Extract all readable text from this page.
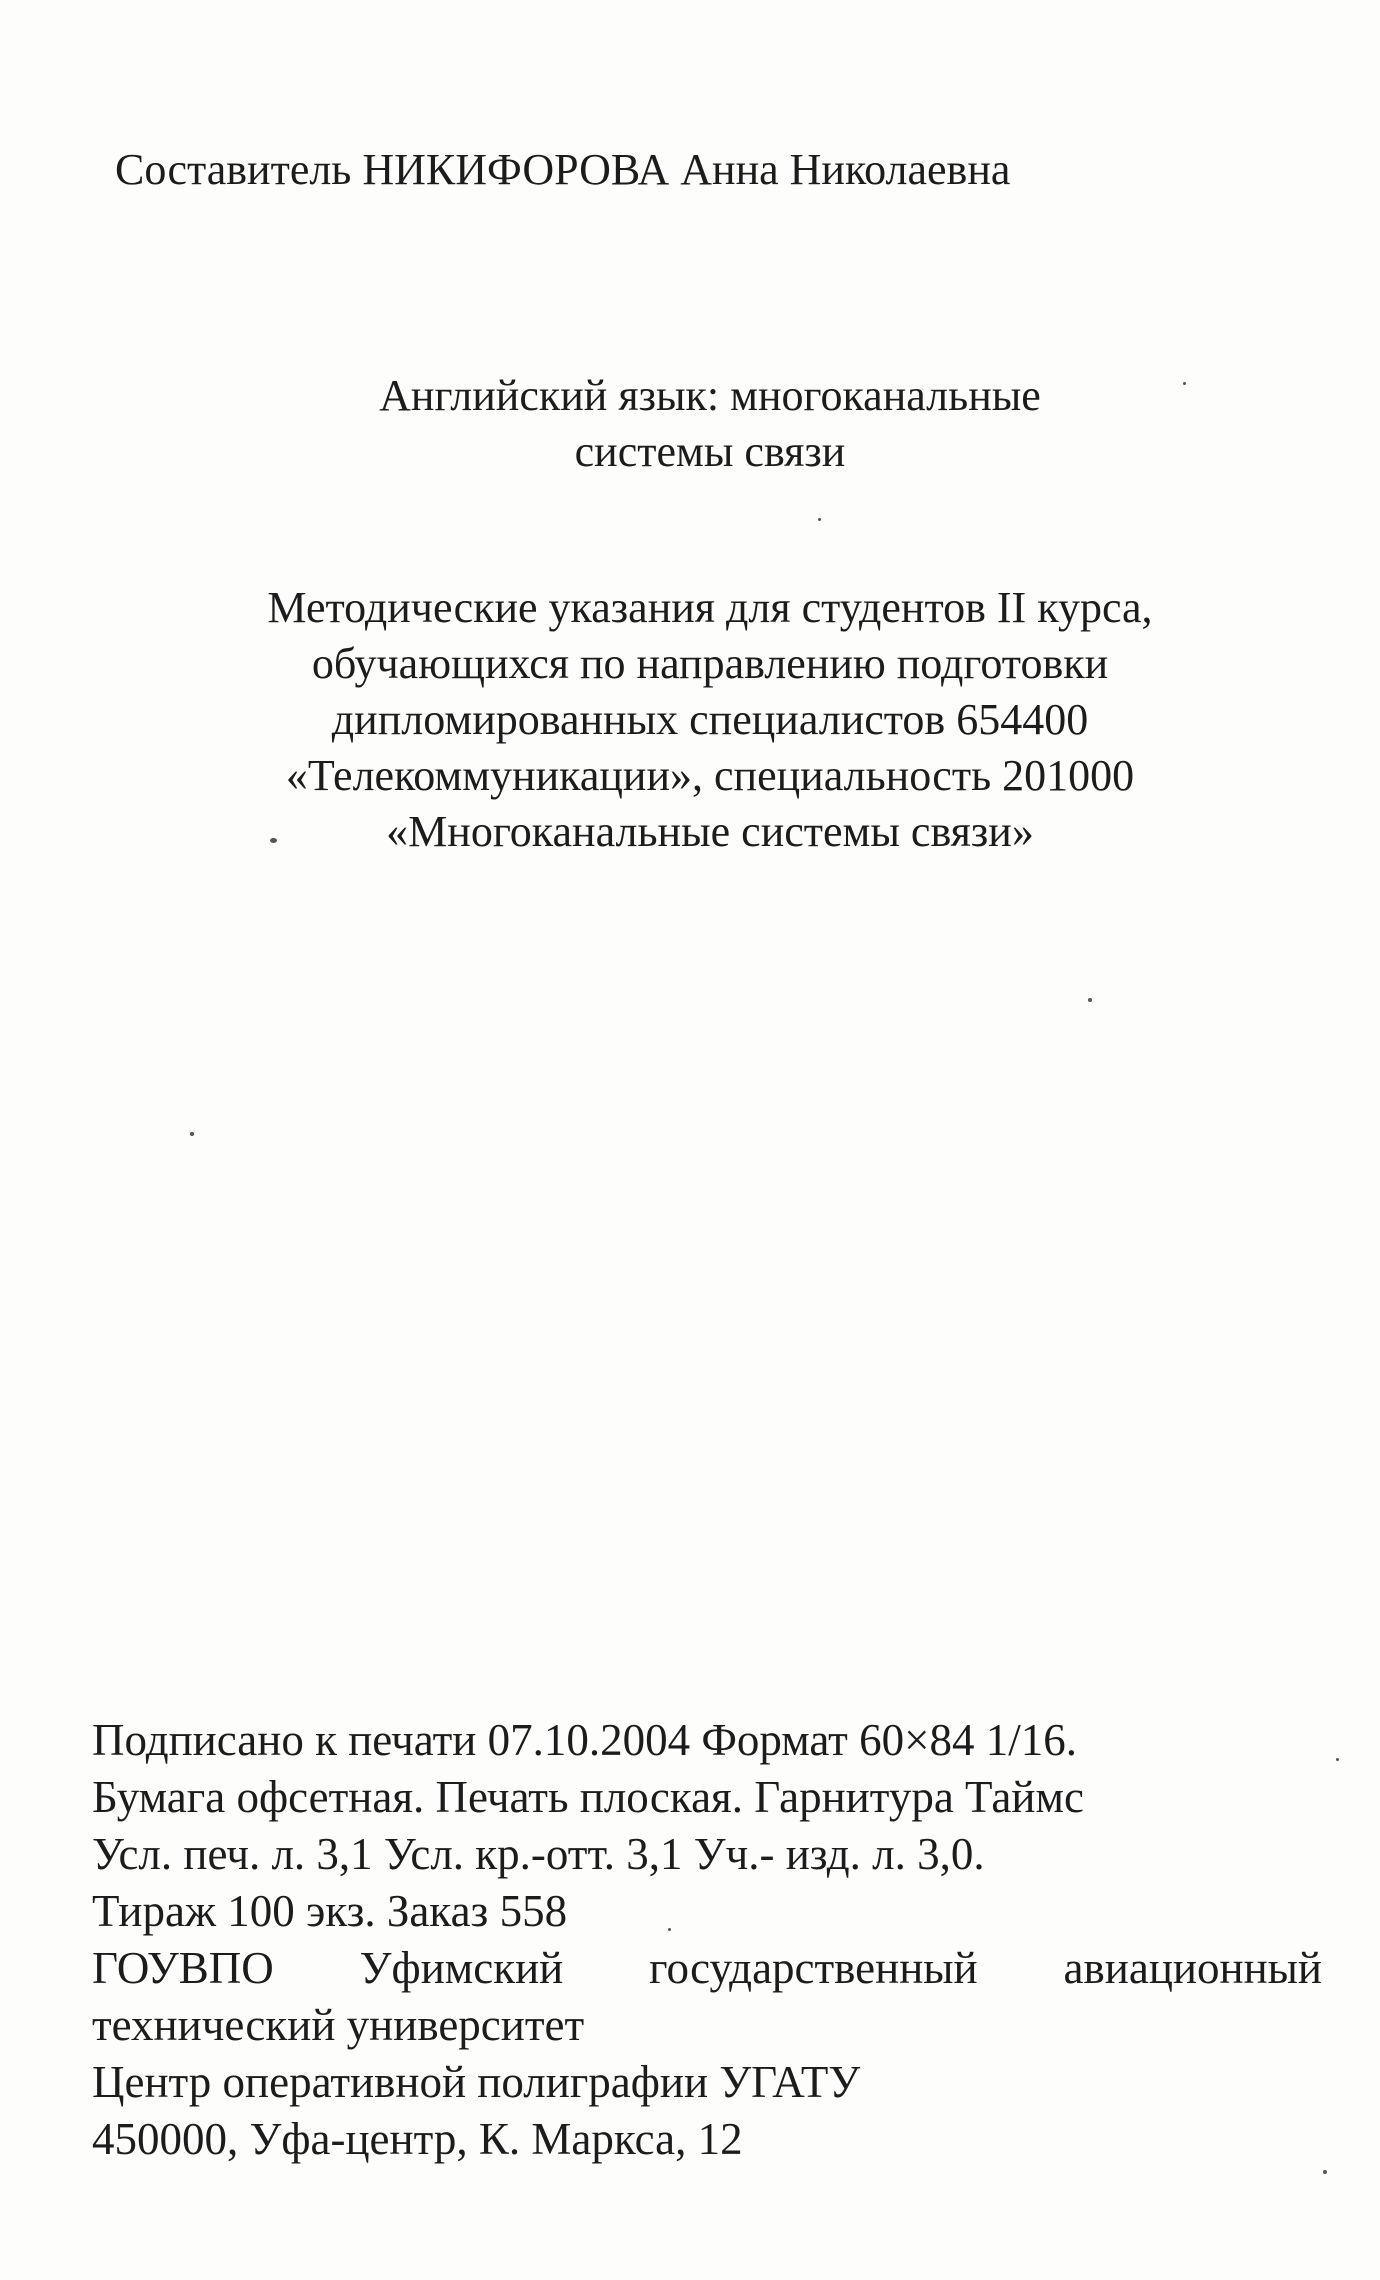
Составитель НИКИФОРОВА Анна Николаевна
Английский язык: многоканальные
системы связи
Методические указания для студентов II курса,
обучающихся по направлению подготовки
дипломированных специалистов 654400
«Телекоммуникации», специальность 201000
«Многоканальные системы связи»
Подписано к печати 07.10.2004 Формат 60×84 1/16.
Бумага офсетная. Печать плоская. Гарнитура Таймс
Усл. печ. л. 3,1 Усл. кр.-отт. 3,1 Уч.- изд. л. 3,0.
Тираж 100 экз. Заказ 558
ГОУВПО Уфимский государственный авиационный
технический университет
Центр оперативной полиграфии УГАТУ
450000, Уфа-центр, К. Маркса, 12
